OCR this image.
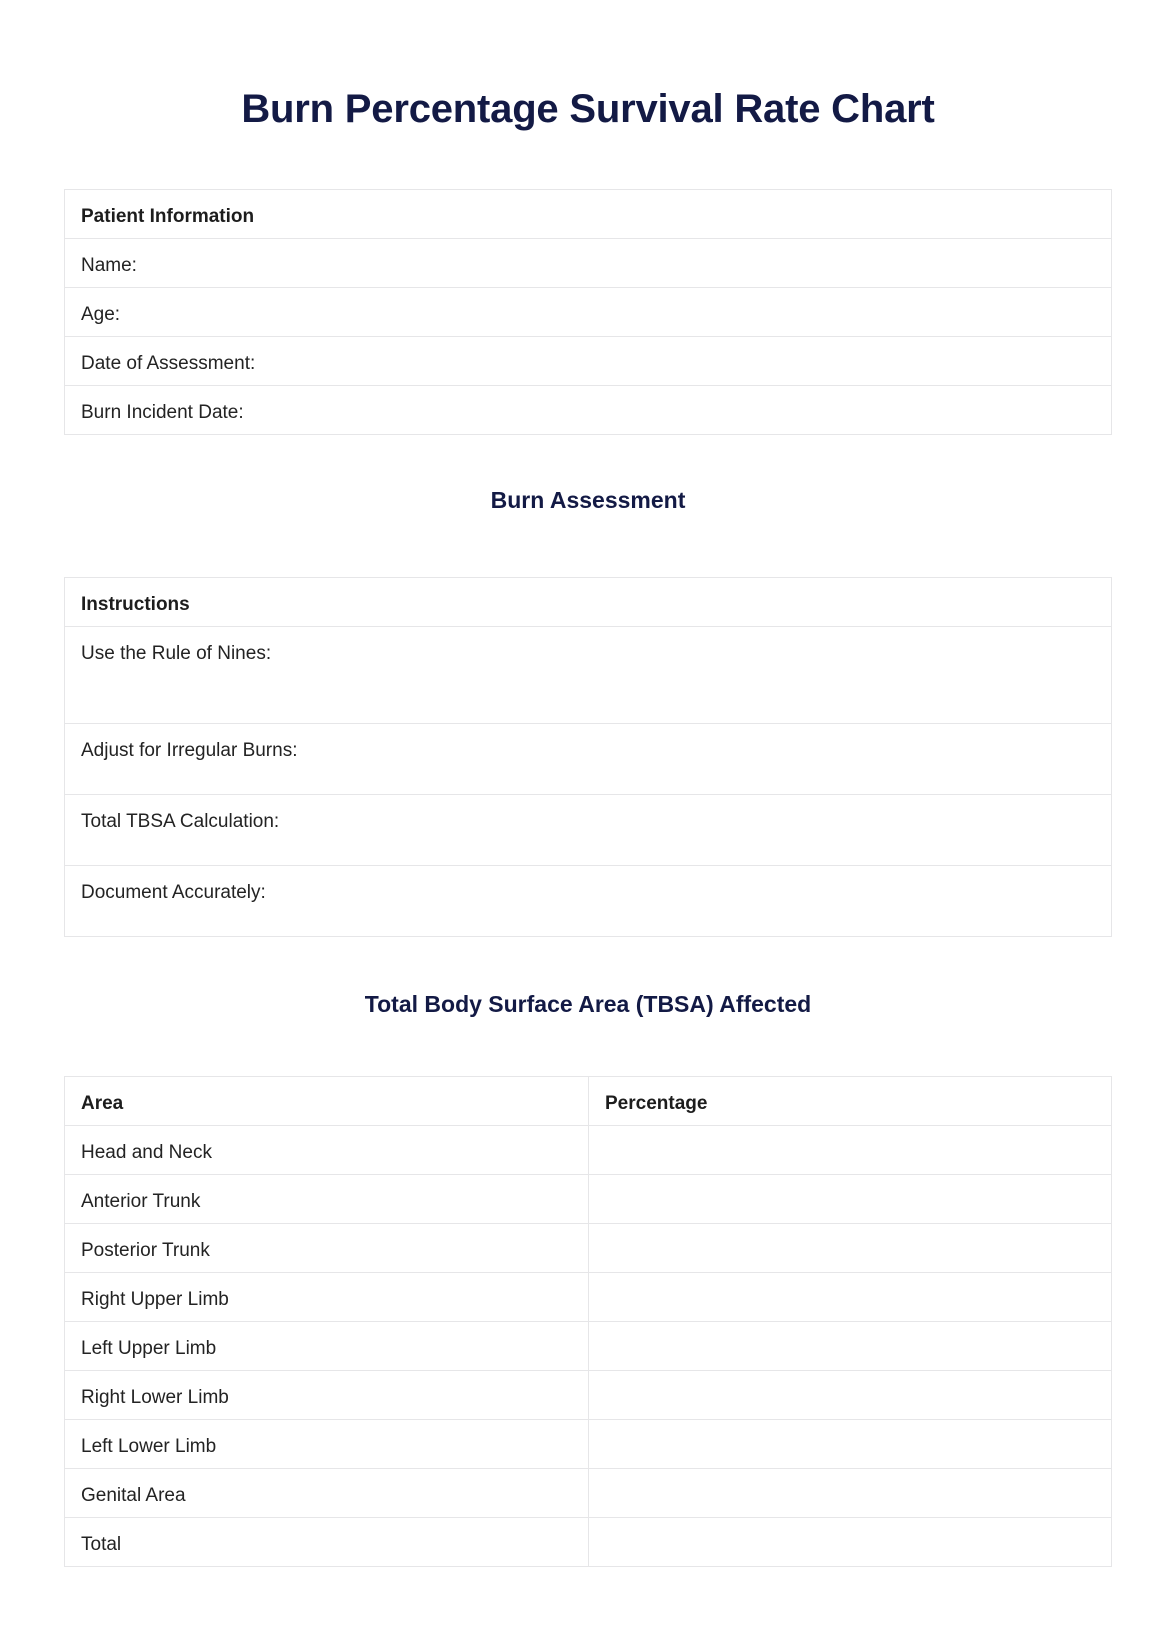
Burn Percentage Survival Rate Chart
Patient Information
Name:
Age:
Date of Assessment:
Burn Incident Date:
Burn Assessment
Instructions
Use the Rule of Nines:
Adjust for Irregular Burns:
Total TBSA Calculation:
Document Accurately:
Total Body Surface Area (TBSA) Affected
Area	Percentage
Head and Neck	
Anterior Trunk	
Posterior Trunk	
Right Upper Limb	
Left Upper Limb	
Right Lower Limb	
Left Lower Limb	
Genital Area	
Total	
